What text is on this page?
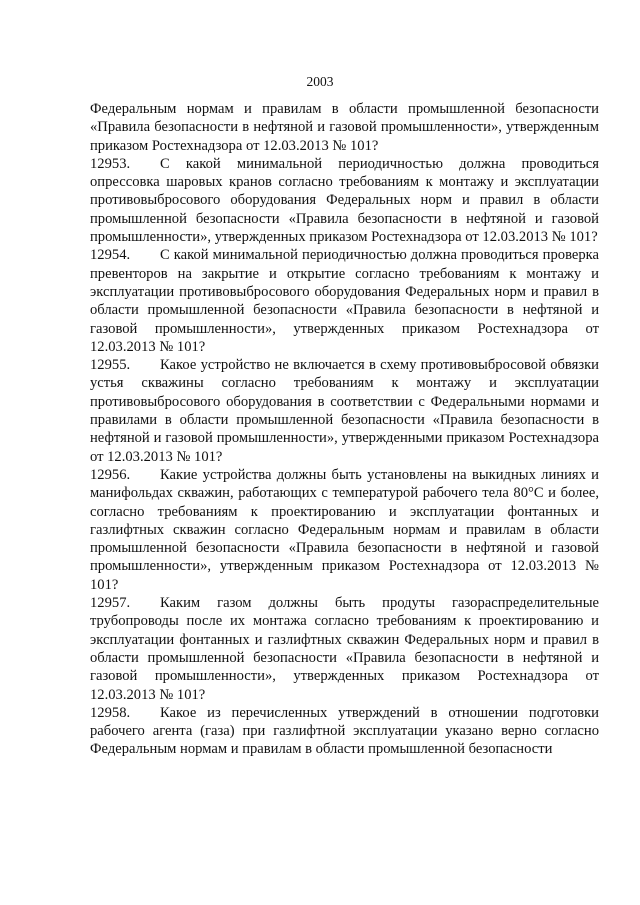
2003

Федеральным нормам и правилам в области промышленной безопасности «Правила безопасности в нефтяной и газовой промышленности», утвержденным приказом Ростехнадзора от 12.03.2013 № 101?

12953. С какой минимальной периодичностью должна проводиться опрессовка шаровых кранов согласно требованиям к монтажу и эксплуатации противовыбросового оборудования Федеральных норм и правил в области промышленной безопасности «Правила безопасности в нефтяной и газовой промышленности», утвержденных приказом Ростехнадзора от 12.03.2013 № 101?

12954. С какой минимальной периодичностью должна проводиться проверка превенторов на закрытие и открытие согласно требованиям к монтажу и эксплуатации противовыбросового оборудования Федеральных норм и правил в области промышленной безопасности «Правила безопасности в нефтяной и газовой промышленности», утвержденных приказом Ростехнадзора от 12.03.2013 № 101?

12955. Какое устройство не включается в схему противовыбросовой обвязки устья скважины согласно требованиям к монтажу и эксплуатации противовыбросового оборудования в соответствии с Федеральными нормами и правилами в области промышленной безопасности «Правила безопасности в нефтяной и газовой промышленности», утвержденными приказом Ростехнадзора от 12.03.2013 № 101?

12956. Какие устройства должны быть установлены на выкидных линиях и манифольдах скважин, работающих с температурой рабочего тела 80°С и более, согласно требованиям к проектированию и эксплуатации фонтанных и газлифтных скважин согласно Федеральным нормам и правилам в области промышленной безопасности «Правила безопасности в нефтяной и газовой промышленности», утвержденным приказом Ростехнадзора от 12.03.2013 № 101?

12957. Каким газом должны быть продуты газораспределительные трубопроводы после их монтажа согласно требованиям к проектированию и эксплуатации фонтанных и газлифтных скважин Федеральных норм и правил в области промышленной безопасности «Правила безопасности в нефтяной и газовой промышленности», утвержденных приказом Ростехнадзора от 12.03.2013 № 101?

12958. Какое из перечисленных утверждений в отношении подготовки рабочего агента (газа) при газлифтной эксплуатации указано верно согласно Федеральным нормам и правилам в области промышленной безопасности
